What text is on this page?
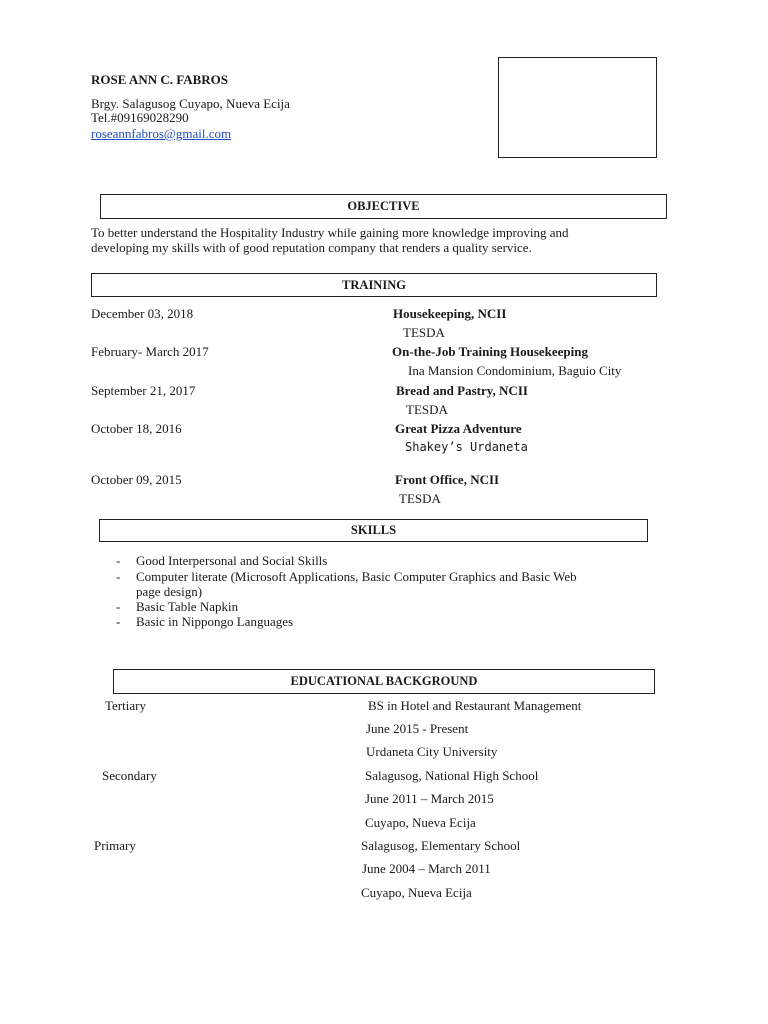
ROSE ANN C. FABROS
Brgy. Salagusog Cuyapo, Nueva Ecija
Tel.#09169028290
roseannfabros@gmail.com
OBJECTIVE
To better understand the Hospitality Industry while gaining more knowledge improving and
developing my skills with of good reputation company that renders a quality service.
TRAINING
December 03, 2018	Housekeeping, NCII
TESDA
February- March 2017	On-the-Job Training Housekeeping
Ina Mansion Condominium, Baguio City
September 21, 2017	Bread and Pastry, NCII
TESDA
October 18, 2016	Great Pizza Adventure
Shakey’s Urdaneta
October 09, 2015	Front Office, NCII
TESDA
SKILLS
- Good Interpersonal and Social Skills
- Computer literate (Microsoft Applications, Basic Computer Graphics and Basic Web
page design)
- Basic Table Napkin
- Basic in Nippongo Languages
EDUCATIONAL BACKGROUND
Tertiary	BS in Hotel and Restaurant Management
June 2015 - Present
Urdaneta City University
Secondary	Salagusog, National High School
June 2011 – March 2015
Cuyapo, Nueva Ecija
Primary	Salagusog, Elementary School
June 2004 – March 2011
Cuyapo, Nueva Ecija
